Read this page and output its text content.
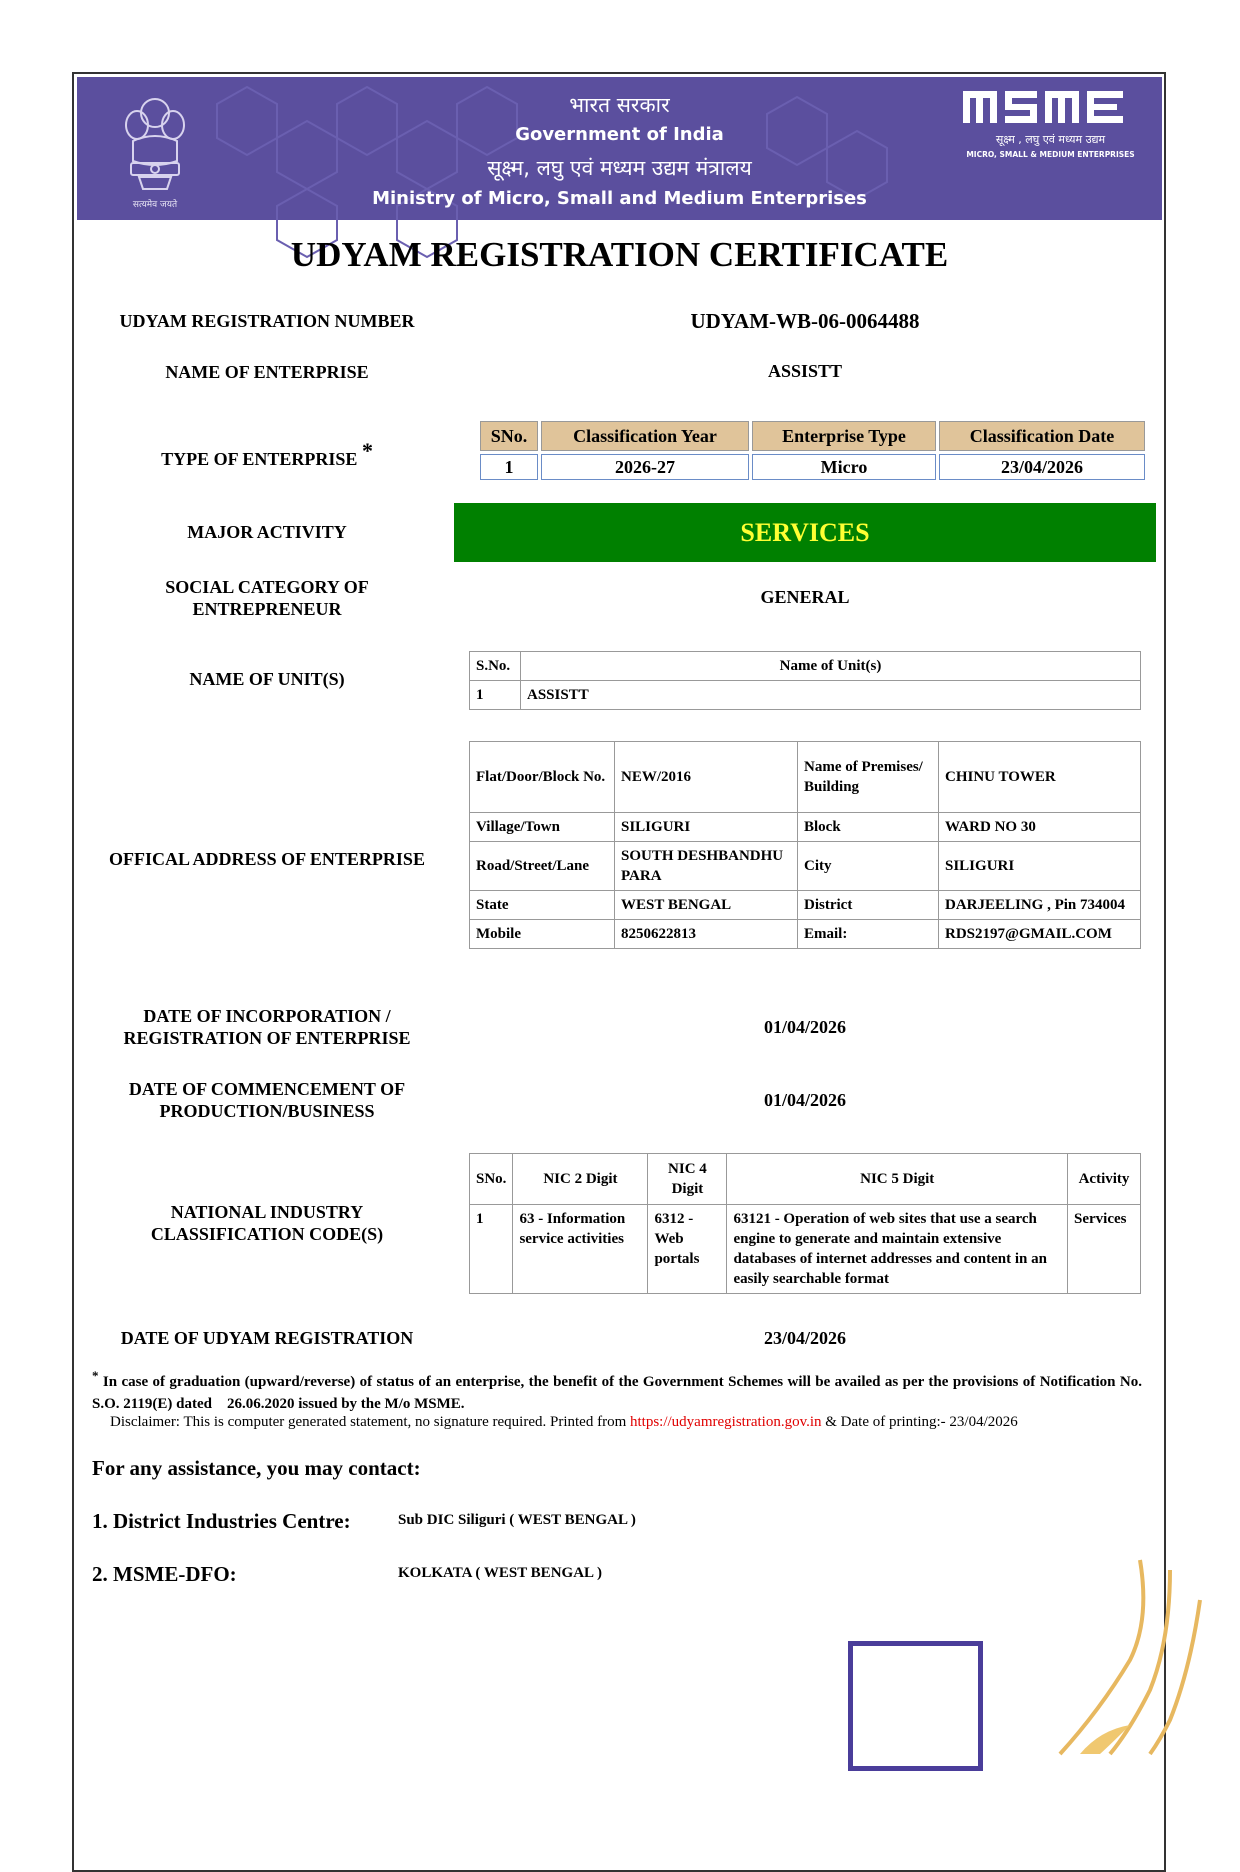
सत्यमेव जयते
भारत सरकार
Government of India
सूक्ष्म, लघु एवं मध्यम उद्यम मंत्रालय
Ministry of Micro, Small and Medium Enterprises
MSME
सूक्ष्म , लघु एवं मध्यम उद्यम
MICRO, SMALL & MEDIUM ENTERPRISES
UDYAM REGISTRATION CERTIFICATE
UDYAM REGISTRATION NUMBER	UDYAM-WB-06-0064488
NAME OF ENTERPRISE	ASSISTT
TYPE OF ENTERPRISE *
SNo.	Classification Year	Enterprise Type	Classification Date
1	2026-27	Micro	23/04/2026
MAJOR ACTIVITY	SERVICES
SOCIAL CATEGORY OF
ENTREPRENEUR
GENERAL
NAME OF UNIT(S)
S.No.	Name of Unit(s)
1	ASSISTT
OFFICAL ADDRESS OF ENTERPRISE
Flat/Door/Block No.	NEW/2016	Name of Premises/ Building	CHINU TOWER
Village/Town	SILIGURI	Block	WARD NO 30
Road/Street/Lane	SOUTH DESHBANDHU PARA	City	SILIGURI
State	WEST BENGAL	District	DARJEELING , Pin 734004
Mobile	8250622813	Email:	RDS2197@GMAIL.COM
DATE OF INCORPORATION /
REGISTRATION OF ENTERPRISE
01/04/2026
DATE OF COMMENCEMENT OF
PRODUCTION/BUSINESS
01/04/2026
NATIONAL INDUSTRY
CLASSIFICATION CODE(S)
SNo.	NIC 2 Digit	NIC 4 Digit	NIC 5 Digit	Activity
1	63 - Information service activities	6312 - Web portals	63121 - Operation of web sites that use a search engine to generate and maintain extensive databases of internet addresses and content in an easily searchable format	Services
DATE OF UDYAM REGISTRATION	23/04/2026
* In case of graduation (upward/reverse) of status of an enterprise, the benefit of the Government Schemes will be availed as per the provisions of Notification No. S.O. 2119(E) dated    26.06.2020 issued by the M/o MSME.
Disclaimer: This is computer generated statement, no signature required. Printed from https://udyamregistration.gov.in & Date of printing:- 23/04/2026
For any assistance, you may contact:
1. District Industries Centre:	Sub DIC Siliguri ( WEST BENGAL )
2. MSME-DFO:	KOLKATA ( WEST BENGAL )
